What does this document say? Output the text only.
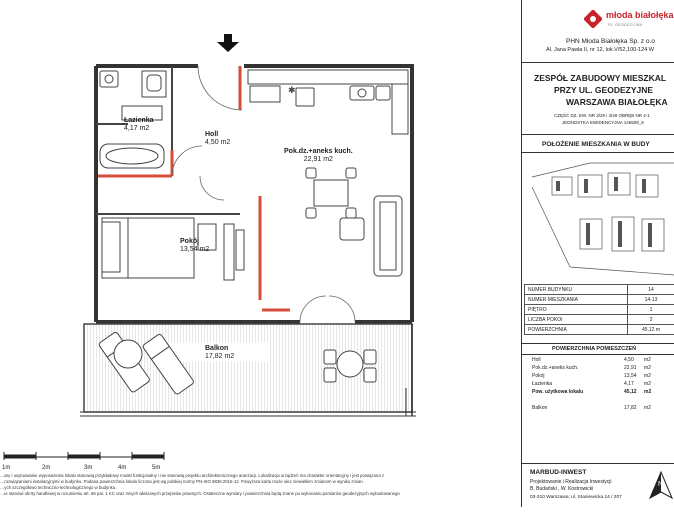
✱
Łazienka
4,17 m2
Holl
4,50 m2
Pok.dz.+aneks kuch.
22,91 m2
Pokój
13,54 m2
Balkon
17,82 m2
1m	2m	3m	4m	5m
…ary i usytuowanie wyposażenia lokalu stanowią przykładowy model funkcjonalny i nie stanowią projektu architektonicznego aranżacji. Lokalizacja urządzeń ma charakter orientacyjny i jest powiązana z
…rozwiązaniami instalacyjnymi w budynku. Podana powierzchnia lokalu liczona jest wg polskiej normy PN-ISO 9836:2015-12. Powyższa karta może ulec niewielkim zmianom w wyniku zmian
…ych szczegółowo techniczno-technologicznego w budynku.
…ie stanowi oferty handlowej w rozumieniu art. 66 par. 1 KC oraz innych właściwych przepisów prawnych. Ostateczne wymiary i powierzchnia będą znane po wykonaniu pomiarów geodezyjnych wybudowanego
młoda białołęka
PL. GEODEZYJNA
PHN Młoda Białołęka Sp. z o.o
Al. Jana Pawła II, nr 12, lok.V/52,100-124 W
ZESPÓŁ ZABUDOWY MIESZKAL
PRZY UL. GEODEZYJNE
WARSZAWA BIAŁOŁĘKA
CZĘŚĆ DZ. EW. NR 3/29 i 3/49 OBRĘB NR 4-1
JEDNOSTKA EWIDENCYJNA 146508_8
POŁOŻENIE MIESZKANIA W BUDY
NUMER BUDYNKU	14
NUMER MIESZKANIA	14-13
PIĘTRO	1
LICZBA POKOI	2
POWIERZCHNIA	45,12 m
POWIERZCHNIA POMIESZCZEŃ
Holl	4,50 m2
Pok.dz.+aneks kuch.	22,91 m2
Pokój	13,54 m2
Łazienka	4,17 m2
Pow. użytkowa lokalu	45,12 m2
Balkon	17,82 m2
MARBUD-INWEST
Projektowanie i Realizacja Inwestycji
B. Budański , W. Kostrowicki
03-310 Warszawa; ul. Staniewicka 14 / 207
N
